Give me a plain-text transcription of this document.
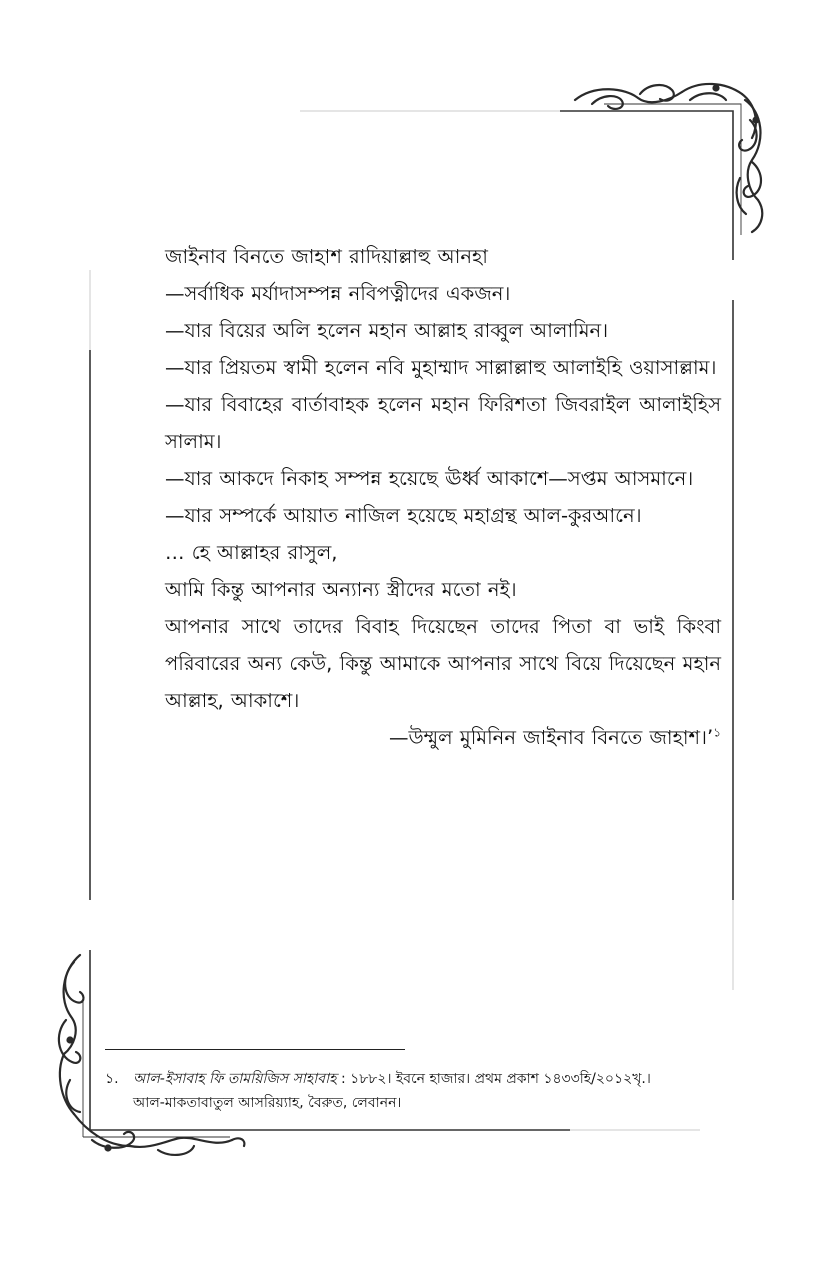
জাইনাব বিনতে জাহাশ রাদিয়াল্লাহু আনহা

—সর্বাধিক মর্যাদাসম্পন্ন নবিপত্নীদের একজন।

—যার বিয়ের অলি হলেন মহান আল্লাহ রাব্বুল আলামিন।

—যার প্রিয়তম স্বামী হলেন নবি মুহাম্মাদ সাল্লাল্লাহু আলাইহি ওয়াসাল্লাম।

—যার বিবাহের বার্তাবাহক হলেন মহান ফিরিশতা জিবরাইল আলাইহিস সালাম।

—যার আকদে নিকাহ সম্পন্ন হয়েছে ঊর্ধ্ব আকাশে—সপ্তম আসমানে।

—যার সম্পর্কে আয়াত নাজিল হয়েছে মহাগ্রন্থ আল-কুরআনে।

… হে আল্লাহর রাসুল,

আমি কিন্তু আপনার অন্যান্য স্ত্রীদের মতো নই।

আপনার সাথে তাদের বিবাহ দিয়েছেন তাদের পিতা বা ভাই কিংবা পরিবারের অন্য কেউ, কিন্তু আমাকে আপনার সাথে বিয়ে দিয়েছেন মহান আল্লাহ, আকাশে।

—উম্মুল মুমিনিন জাইনাব বিনতে জাহাশ।’$^১$

১. আল-ইসাবাহ ফি তাময়িজিস সাহাবাহ : ১৮৮২। ইবনে হাজার। প্রথম প্রকাশ ১৪৩৩হি/২০১২খৃ.।
আল-মাকতাবাতুল আসরিয়্যাহ, বৈরুত, লেবানন।
